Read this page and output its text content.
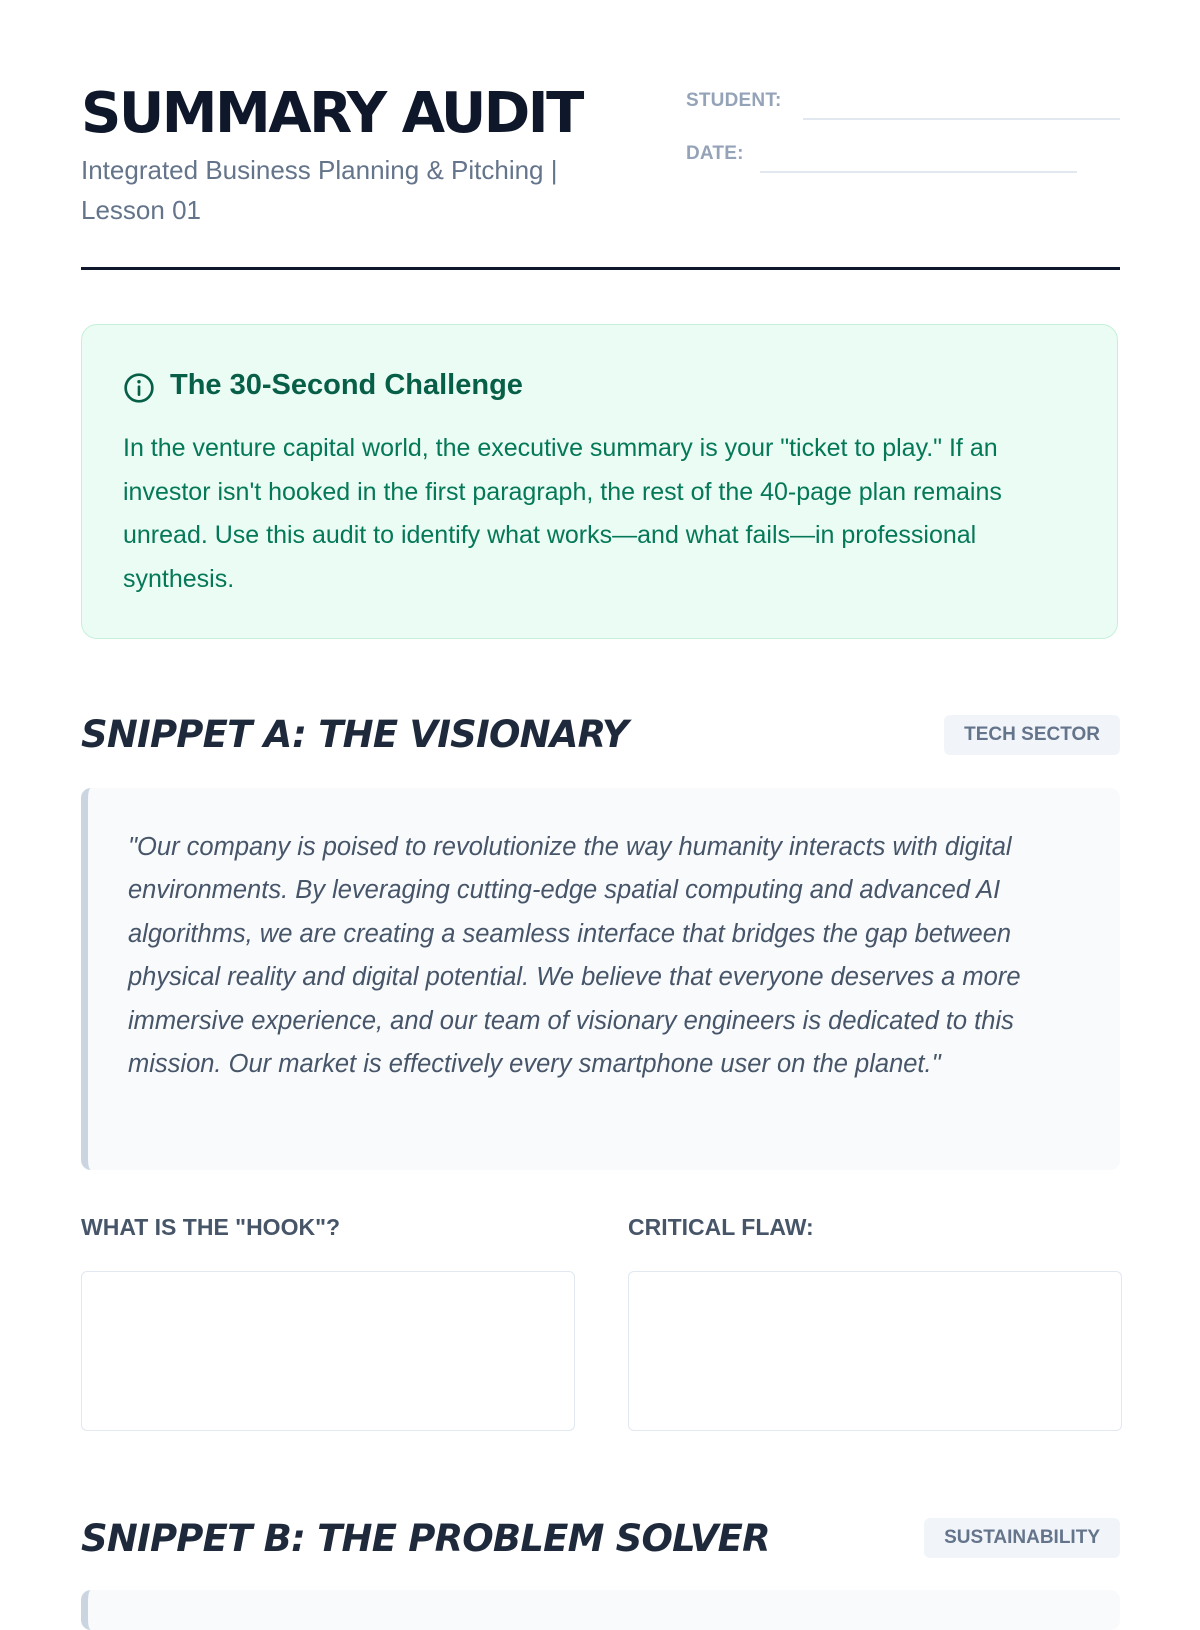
SUMMARY AUDIT
Integrated Business Planning & Pitching | Lesson 01
STUDENT:
DATE:
The 30-Second Challenge
In the venture capital world, the executive summary is your "ticket to play." If an investor isn't hooked in the first paragraph, the rest of the 40-page plan remains unread. Use this audit to identify what works—and what fails—in professional synthesis.
SNIPPET A: THE VISIONARY	TECH SECTOR
"Our company is poised to revolutionize the way humanity interacts with digital environments. By leveraging cutting-edge spatial computing and advanced AI algorithms, we are creating a seamless interface that bridges the gap between physical reality and digital potential. We believe that everyone deserves a more immersive experience, and our team of visionary engineers is dedicated to this mission. Our market is effectively every smartphone user on the planet."
WHAT IS THE "HOOK"?	CRITICAL FLAW:
SNIPPET B: THE PROBLEM SOLVER	SUSTAINABILITY
